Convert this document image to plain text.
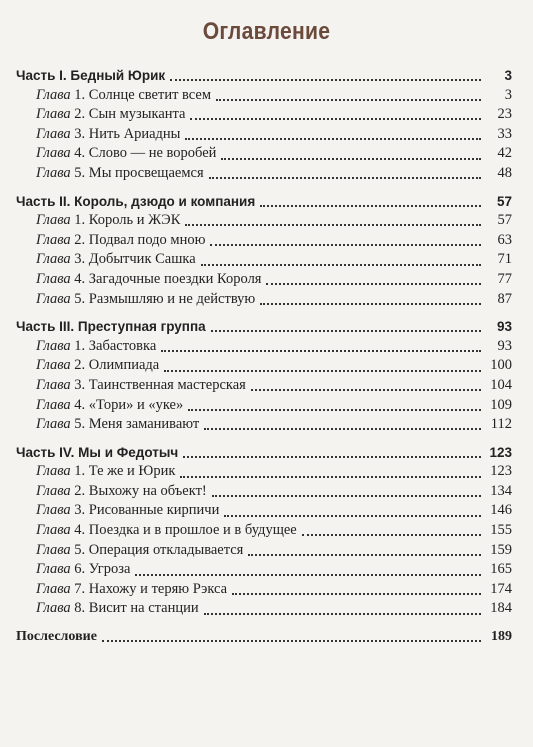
Оглавление
Часть I. Бедный Юрик	3
Глава 1. Солнце светит всем	3
Глава 2. Сын музыканта	23
Глава 3. Нить Ариадны	33
Глава 4. Слово — не воробей	42
Глава 5. Мы просвещаемся	48
Часть II. Король, дзюдо и компания	57
Глава 1. Король и ЖЭК	57
Глава 2. Подвал подо мною	63
Глава 3. Добытчик Сашка	71
Глава 4. Загадочные поездки Короля	77
Глава 5. Размышляю и не действую	87
Часть III. Преступная группа	93
Глава 1. Забастовка	93
Глава 2. Олимпиада	100
Глава 3. Таинственная мастерская	104
Глава 4. «Тори» и «уке»	109
Глава 5. Меня заманивают	112
Часть IV. Мы и Федотыч	123
Глава 1. Те же и Юрик	123
Глава 2. Выхожу на объект!	134
Глава 3. Рисованные кирпичи	146
Глава 4. Поездка и в прошлое и в будущее	155
Глава 5. Операция откладывается	159
Глава 6. Угроза	165
Глава 7. Нахожу и теряю Рэкса	174
Глава 8. Висит на станции	184
Послесловие	189
